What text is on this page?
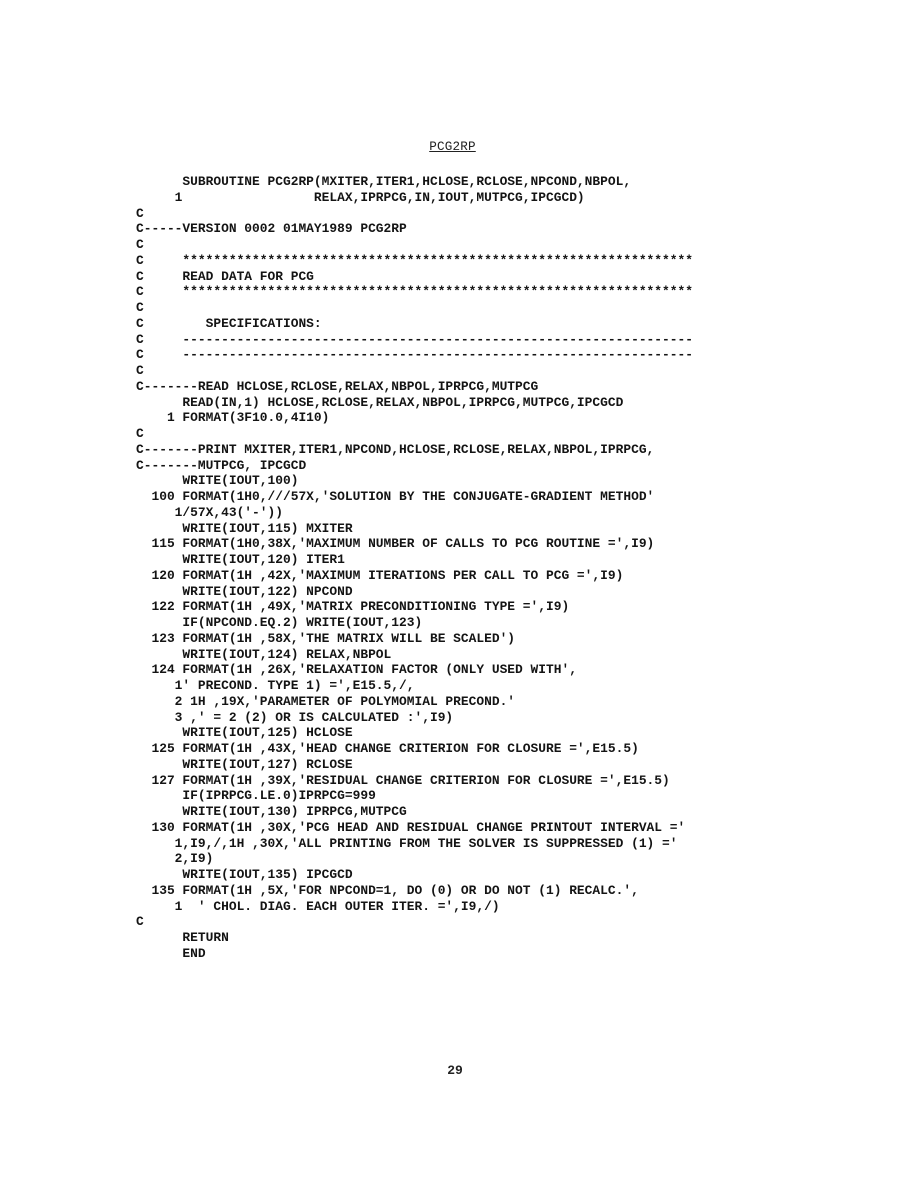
PCG2RP
SUBROUTINE PCG2RP(MXITER,ITER1,HCLOSE,RCLOSE,NPCOND,NBPOL,
1                 RELAX,IPRPCG,IN,IOUT,MUTPCG,IPCGCD)
C
C-----VERSION 0002 01MAY1989 PCG2RP
C
C     ******************************************************************
C     READ DATA FOR PCG
C     ******************************************************************
C
C        SPECIFICATIONS:
C     ------------------------------------------------------------------
C     ------------------------------------------------------------------
C
C-------READ HCLOSE,RCLOSE,RELAX,NBPOL,IPRPCG,MUTPCG
READ(IN,1) HCLOSE,RCLOSE,RELAX,NBPOL,IPRPCG,MUTPCG,IPCGCD
1 FORMAT(3F10.0,4I10)
C
C-------PRINT MXITER,ITER1,NPCOND,HCLOSE,RCLOSE,RELAX,NBPOL,IPRPCG,
C-------MUTPCG, IPCGCD
WRITE(IOUT,100)
100 FORMAT(1H0,///57X,'SOLUTION BY THE CONJUGATE-GRADIENT METHOD'
1/57X,43('-'))
WRITE(IOUT,115) MXITER
115 FORMAT(1H0,38X,'MAXIMUM NUMBER OF CALLS TO PCG ROUTINE =',I9)
WRITE(IOUT,120) ITER1
120 FORMAT(1H ,42X,'MAXIMUM ITERATIONS PER CALL TO PCG =',I9)
WRITE(IOUT,122) NPCOND
122 FORMAT(1H ,49X,'MATRIX PRECONDITIONING TYPE =',I9)
IF(NPCOND.EQ.2) WRITE(IOUT,123)
123 FORMAT(1H ,58X,'THE MATRIX WILL BE SCALED')
WRITE(IOUT,124) RELAX,NBPOL
124 FORMAT(1H ,26X,'RELAXATION FACTOR (ONLY USED WITH',
1' PRECOND. TYPE 1) =',E15.5,/,
2 1H ,19X,'PARAMETER OF POLYMOMIAL PRECOND.'
3 ,' = 2 (2) OR IS CALCULATED :',I9)
WRITE(IOUT,125) HCLOSE
125 FORMAT(1H ,43X,'HEAD CHANGE CRITERION FOR CLOSURE =',E15.5)
WRITE(IOUT,127) RCLOSE
127 FORMAT(1H ,39X,'RESIDUAL CHANGE CRITERION FOR CLOSURE =',E15.5)
IF(IPRPCG.LE.0)IPRPCG=999
WRITE(IOUT,130) IPRPCG,MUTPCG
130 FORMAT(1H ,30X,'PCG HEAD AND RESIDUAL CHANGE PRINTOUT INTERVAL ='
1,I9,/,1H ,30X,'ALL PRINTING FROM THE SOLVER IS SUPPRESSED (1) ='
2,I9)
WRITE(IOUT,135) IPCGCD
135 FORMAT(1H ,5X,'FOR NPCOND=1, DO (0) OR DO NOT (1) RECALC.',
1  ' CHOL. DIAG. EACH OUTER ITER. =',I9,/)
C
RETURN
END
29
